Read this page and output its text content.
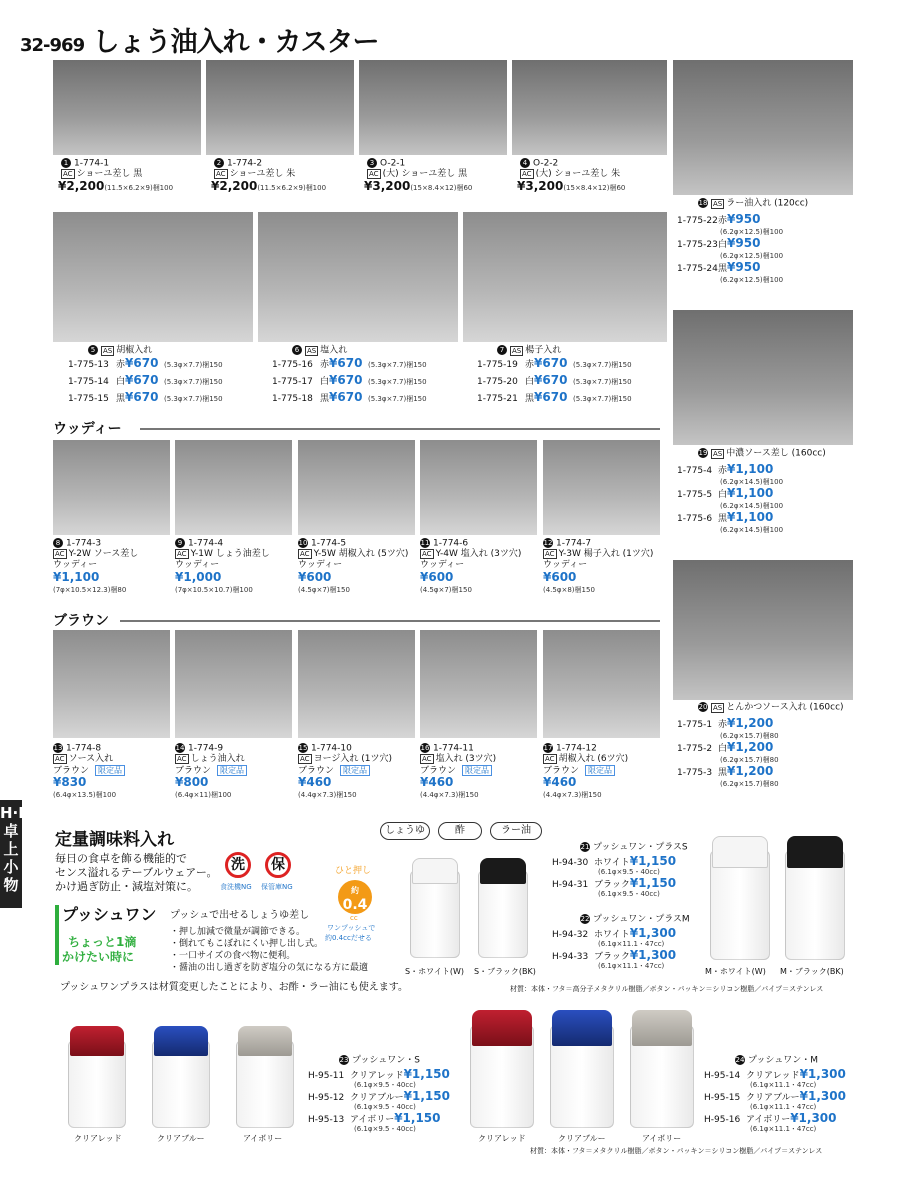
32-969 しょう油入れ・カスター
1 1-774-1
AC ショーユ差し 黒
¥2,200(11.5×6.2×9)梱100
2 1-774-2
AC ショーユ差し 朱
¥2,200(11.5×6.2×9)梱100
3 O-2-1
AC (大) ショーユ差し 黒
¥3,200(15×8.4×12)梱60
4 O-2-2
AC (大) ショーユ差し 朱
¥3,200(15×8.4×12)梱60
5 AS 胡椒入れ
1-775-13 赤¥670 (5.3φ×7.7)梱150
1-775-14 白¥670 (5.3φ×7.7)梱150
1-775-15 黒¥670 (5.3φ×7.7)梱150
6 AS 塩入れ
1-775-16 赤¥670 (5.3φ×7.7)梱150
1-775-17 白¥670 (5.3φ×7.7)梱150
1-775-18 黒¥670 (5.3φ×7.7)梱150
7 AS 楊子入れ
1-775-19 赤¥670 (5.3φ×7.7)梱150
1-775-20 白¥670 (5.3φ×7.7)梱150
1-775-21 黒¥670 (5.3φ×7.7)梱150
18 AS ラー油入れ (120cc)
1-775-22 赤¥950
(6.2φ×12.5)梱100
1-775-23 白¥950
(6.2φ×12.5)梱100
1-775-24 黒¥950
(6.2φ×12.5)梱100
19 AS 中濃ソース差し (160cc)
1-775-4 赤¥1,100
(6.2φ×14.5)梱100
1-775-5 白¥1,100
(6.2φ×14.5)梱100
1-775-6 黒¥1,100
(6.2φ×14.5)梱100
20 AS とんかつソース入れ (160cc)
1-775-1 赤¥1,200
(6.2φ×15.7)梱80
1-775-2 白¥1,200
(6.2φ×15.7)梱80
1-775-3 黒¥1,200
(6.2φ×15.7)梱80
ウッディー
8 1-774-3
AC Y-2W ソース差し
ウッディー
¥1,100
(7φ×10.5×12.3)梱80
9 1-774-4
AC Y-1W しょう油差し
ウッディー
¥1,000
(7φ×10.5×10.7)梱100
10 1-774-5
AC Y-5W 胡椒入れ (5ツ穴)
ウッディー
¥600
(4.5φ×7)梱150
11 1-774-6
AC Y-4W 塩入れ (3ツ穴)
ウッディー
¥600
(4.5φ×7)梱150
12 1-774-7
AC Y-3W 楊子入れ (1ツ穴)
ウッディー
¥600
(4.5φ×8)梱150
ブラウン
13 1-774-8
AC ソース入れ
ブラウン 限定品
¥830
(6.4φ×13.5)梱100
14 1-774-9
AC しょう油入れ
ブラウン 限定品
¥800
(6.4φ×11)梱100
15 1-774-10
AC ヨージ入れ (1ツ穴)
ブラウン 限定品
¥460
(4.4φ×7.3)梱150
16 1-774-11
AC 塩入れ (3ツ穴)
ブラウン 限定品
¥460
(4.4φ×7.3)梱150
17 1-774-12
AC 胡椒入れ (6ツ穴)
ブラウン 限定品
¥460
(4.4φ×7.3)梱150
H·R 卓上小物
定量調味料入れ
毎日の食卓を飾る機能的で
センス溢れるテーブルウェアー。
かけ過ぎ防止・減塩対策に。
洗	保
食洗機NG 保管庫NG
しょうゆ	酢	ラー油
プッシュワン プッシュで出せるしょうゆ差し
ちょっと1滴
かけたい時に
・押し加減で微量が調節できる。
・倒れてもこぼれにくい押し出し式。
・一口サイズの食べ物に便利。
・醤油の出し過ぎを防ぎ塩分の気になる方に最適
ひと押し
約
0.4
cc
ワンプッシュで
約0.4ccだせる
プッシュワンプラスは材質変更したことにより、お酢・ラー油にも使えます。	材質：本体・フタ＝高分子メタクリル樹脂／ボタン・パッキン＝シリコン樹脂／パイプ＝ステンレス
材質：本体・フタ＝メタクリル樹脂／ボタン・パッキン＝シリコン樹脂／パイプ＝ステンレス
S・ホワイト(W) S・ブラック(BK)	M・ホワイト(W) M・ブラック(BK)
21 プッシュワン・プラスS
H-94-30 ホワイト¥1,150
(6.1φ×9.5・40cc)
H-94-31 ブラック¥1,150
(6.1φ×9.5・40cc)
22 プッシュワン・プラスM
H-94-32 ホワイト¥1,300
(6.1φ×11.1・47cc)
H-94-33 ブラック¥1,300
(6.1φ×11.1・47cc)
クリアレッド	クリアブルー	アイボリー	クリアレッド	クリアブルー	アイボリー
23 プッシュワン・S
H-95-11 クリアレッド¥1,150
(6.1φ×9.5・40cc)
H-95-12 クリアブルー¥1,150
(6.1φ×9.5・40cc)
H-95-13 アイボリー¥1,150
(6.1φ×9.5・40cc)
24 プッシュワン・M
H-95-14 クリアレッド¥1,300
(6.1φ×11.1・47cc)
H-95-15 クリアブルー¥1,300
(6.1φ×11.1・47cc)
H-95-16 アイボリー¥1,300
(6.1φ×11.1・47cc)
